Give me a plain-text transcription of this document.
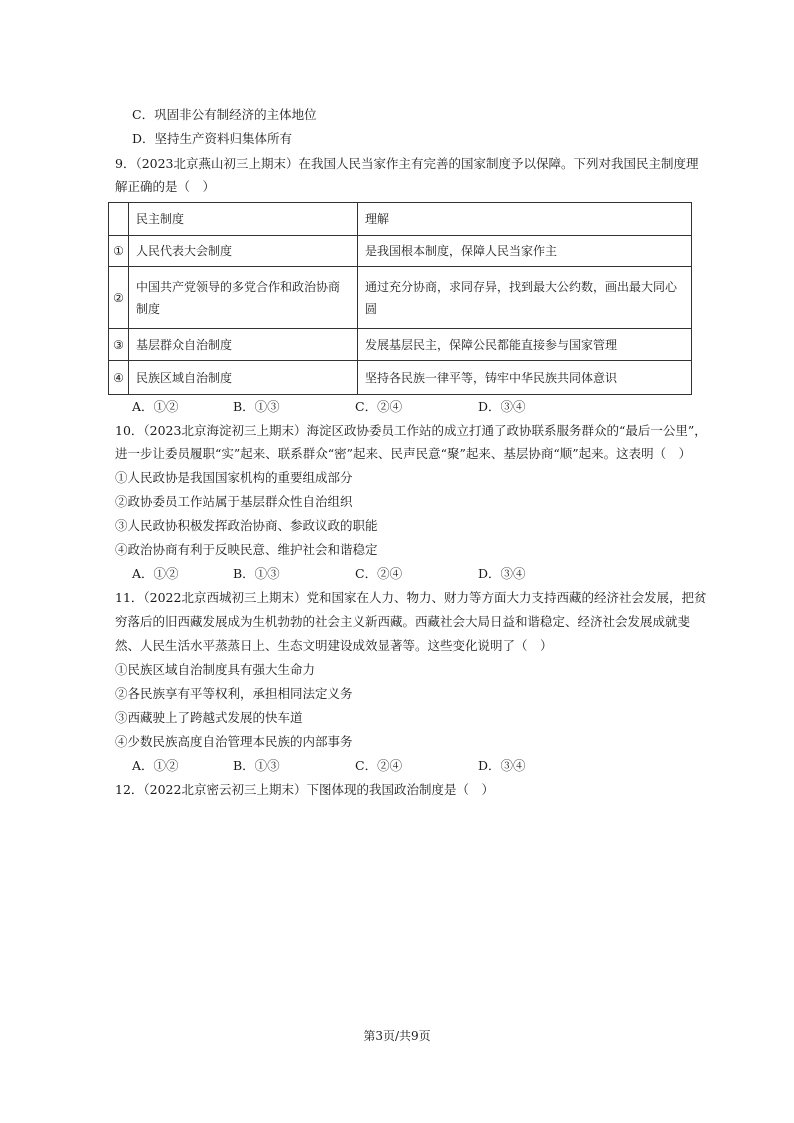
C．巩固非公有制经济的主体地位
D．坚持生产资料归集体所有
9．（2023北京燕山初三上期末）在我国人民当家作主有完善的国家制度予以保障。下列对我国民主制度理
解正确的是（　）
	民主制度	理解
①	人民代表大会制度	是我国根本制度，保障人民当家作主
②	中国共产党领导的多党合作和政治协商制度	通过充分协商，求同存异，找到最大公约数，画出最大同心圆
③	基层群众自治制度	发展基层民主，保障公民都能直接参与国家管理
④	民族区域自治制度	坚持各民族一律平等，铸牢中华民族共同体意识
A．①②	B．①③	C．②④	D．③④
10．（2023北京海淀初三上期末）海淀区政协委员工作站的成立打通了政协联系服务群众的“最后一公里”，
进一步让委员履职“实”起来、联系群众“密”起来、民声民意“聚”起来、基层协商“顺”起来。这表明（　）
①人民政协是我国国家机构的重要组成部分
②政协委员工作站属于基层群众性自治组织
③人民政协积极发挥政治协商、参政议政的职能
④政治协商有利于反映民意、维护社会和谐稳定
A．①②	B．①③	C．②④	D．③④
11．（2022北京西城初三上期末）党和国家在人力、物力、财力等方面大力支持西藏的经济社会发展，把贫
穷落后的旧西藏发展成为生机勃勃的社会主义新西藏。西藏社会大局日益和谐稳定、经济社会发展成就斐
然、人民生活水平蒸蒸日上、生态文明建设成效显著等。这些变化说明了（　）
①民族区域自治制度具有强大生命力
②各民族享有平等权利，承担相同法定义务
③西藏驶上了跨越式发展的快车道
④少数民族高度自治管理本民族的内部事务
A．①②	B．①③	C．②④	D．③④
12．（2022北京密云初三上期末）下图体现的我国政治制度是（　）
第3页/共9页
